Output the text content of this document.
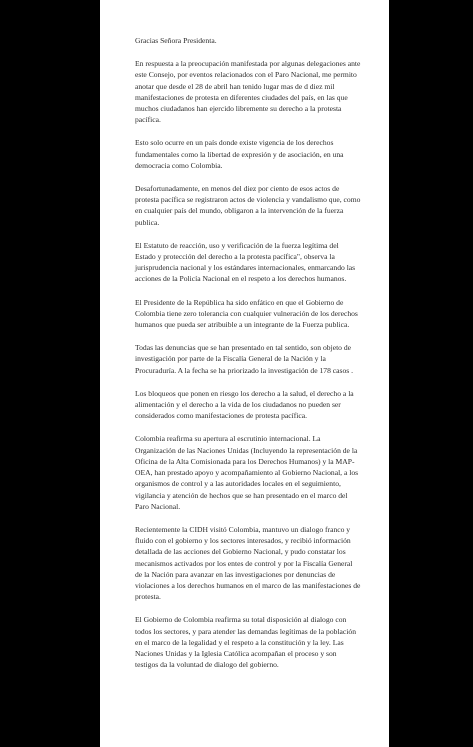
Gracias Señora Presidenta.

En respuesta a la preocupación manifestada por algunas delegaciones ante este Consejo, por eventos relacionados con el Paro Nacional, me permito anotar que desde el 28 de abril han tenido lugar mas de d diez mil manifestaciones de protesta en diferentes ciudades del país, en las que muchos ciudadanos han ejercido libremente su derecho a la protesta pacífica.

Esto solo ocurre en un país donde existe vigencia de los derechos fundamentales como la libertad de expresión y de asociación, en una democracia como Colombia.

Desafortunadamente, en menos del diez por ciento de esos actos de protesta pacífica se registraron actos de violencia y vandalismo que, como en cualquier país del mundo, obligaron a la intervención de la fuerza publica.

El Estatuto de reacción, uso y verificación de la fuerza legítima del Estado y protección del derecho a la protesta pacífica", observa la jurisprudencia nacional y los estándares internacionales, enmarcando las acciones de la Policía Nacional en el respeto a los derechos humanos.

El Presidente de la República ha sido enfático en que el Gobierno de Colombia tiene zero tolerancia con cualquier vulneración de los derechos humanos que pueda ser atribuible a un integrante de la Fuerza publica.

Todas las denuncias que se han presentado en tal sentido, son objeto de investigación por parte de la Fiscalía General de la Nación y la Procuraduría. A la fecha se ha priorizado la investigación de 178 casos .

Los bloqueos que ponen en riesgo los derecho a la salud, el derecho a la alimentación y el derecho a la vida de los ciudadanos no pueden ser considerados como manifestaciones de protesta pacífica.

Colombia reafirma su apertura al escrutinio internacional. La Organización de las Naciones Unidas (Incluyendo la representación de la Oficina de la Alta Comisionada para los Derechos Humanos) y la MAP-OEA, han prestado apoyo y acompañamiento al Gobierno Nacional, a los organismos de control y a las autoridades locales en el seguimiento, vigilancia y atención de hechos que se han presentado en el marco del Paro Nacional.

Recientemente la CIDH visitó Colombia, mantuvo un dialogo franco y fluido con el gobierno y los sectores interesados, y recibió información detallada de las acciones del Gobierno Nacional, y pudo constatar los mecanismos activados por los entes de control y por la Fiscalía General de la Nación para avanzar en las investigaciones por denuncias de violaciones a los derechos humanos en el marco de las manifestaciones de protesta.

El Gobierno de Colombia reafirma su total disposición al dialogo con todos los sectores, y para atender las demandas legítimas de la población en el marco de la legalidad y el respeto a la constitución y la ley. Las Naciones Unidas y la Iglesia Católica acompañan el proceso y son testigos da la voluntad de dialogo del gobierno.
